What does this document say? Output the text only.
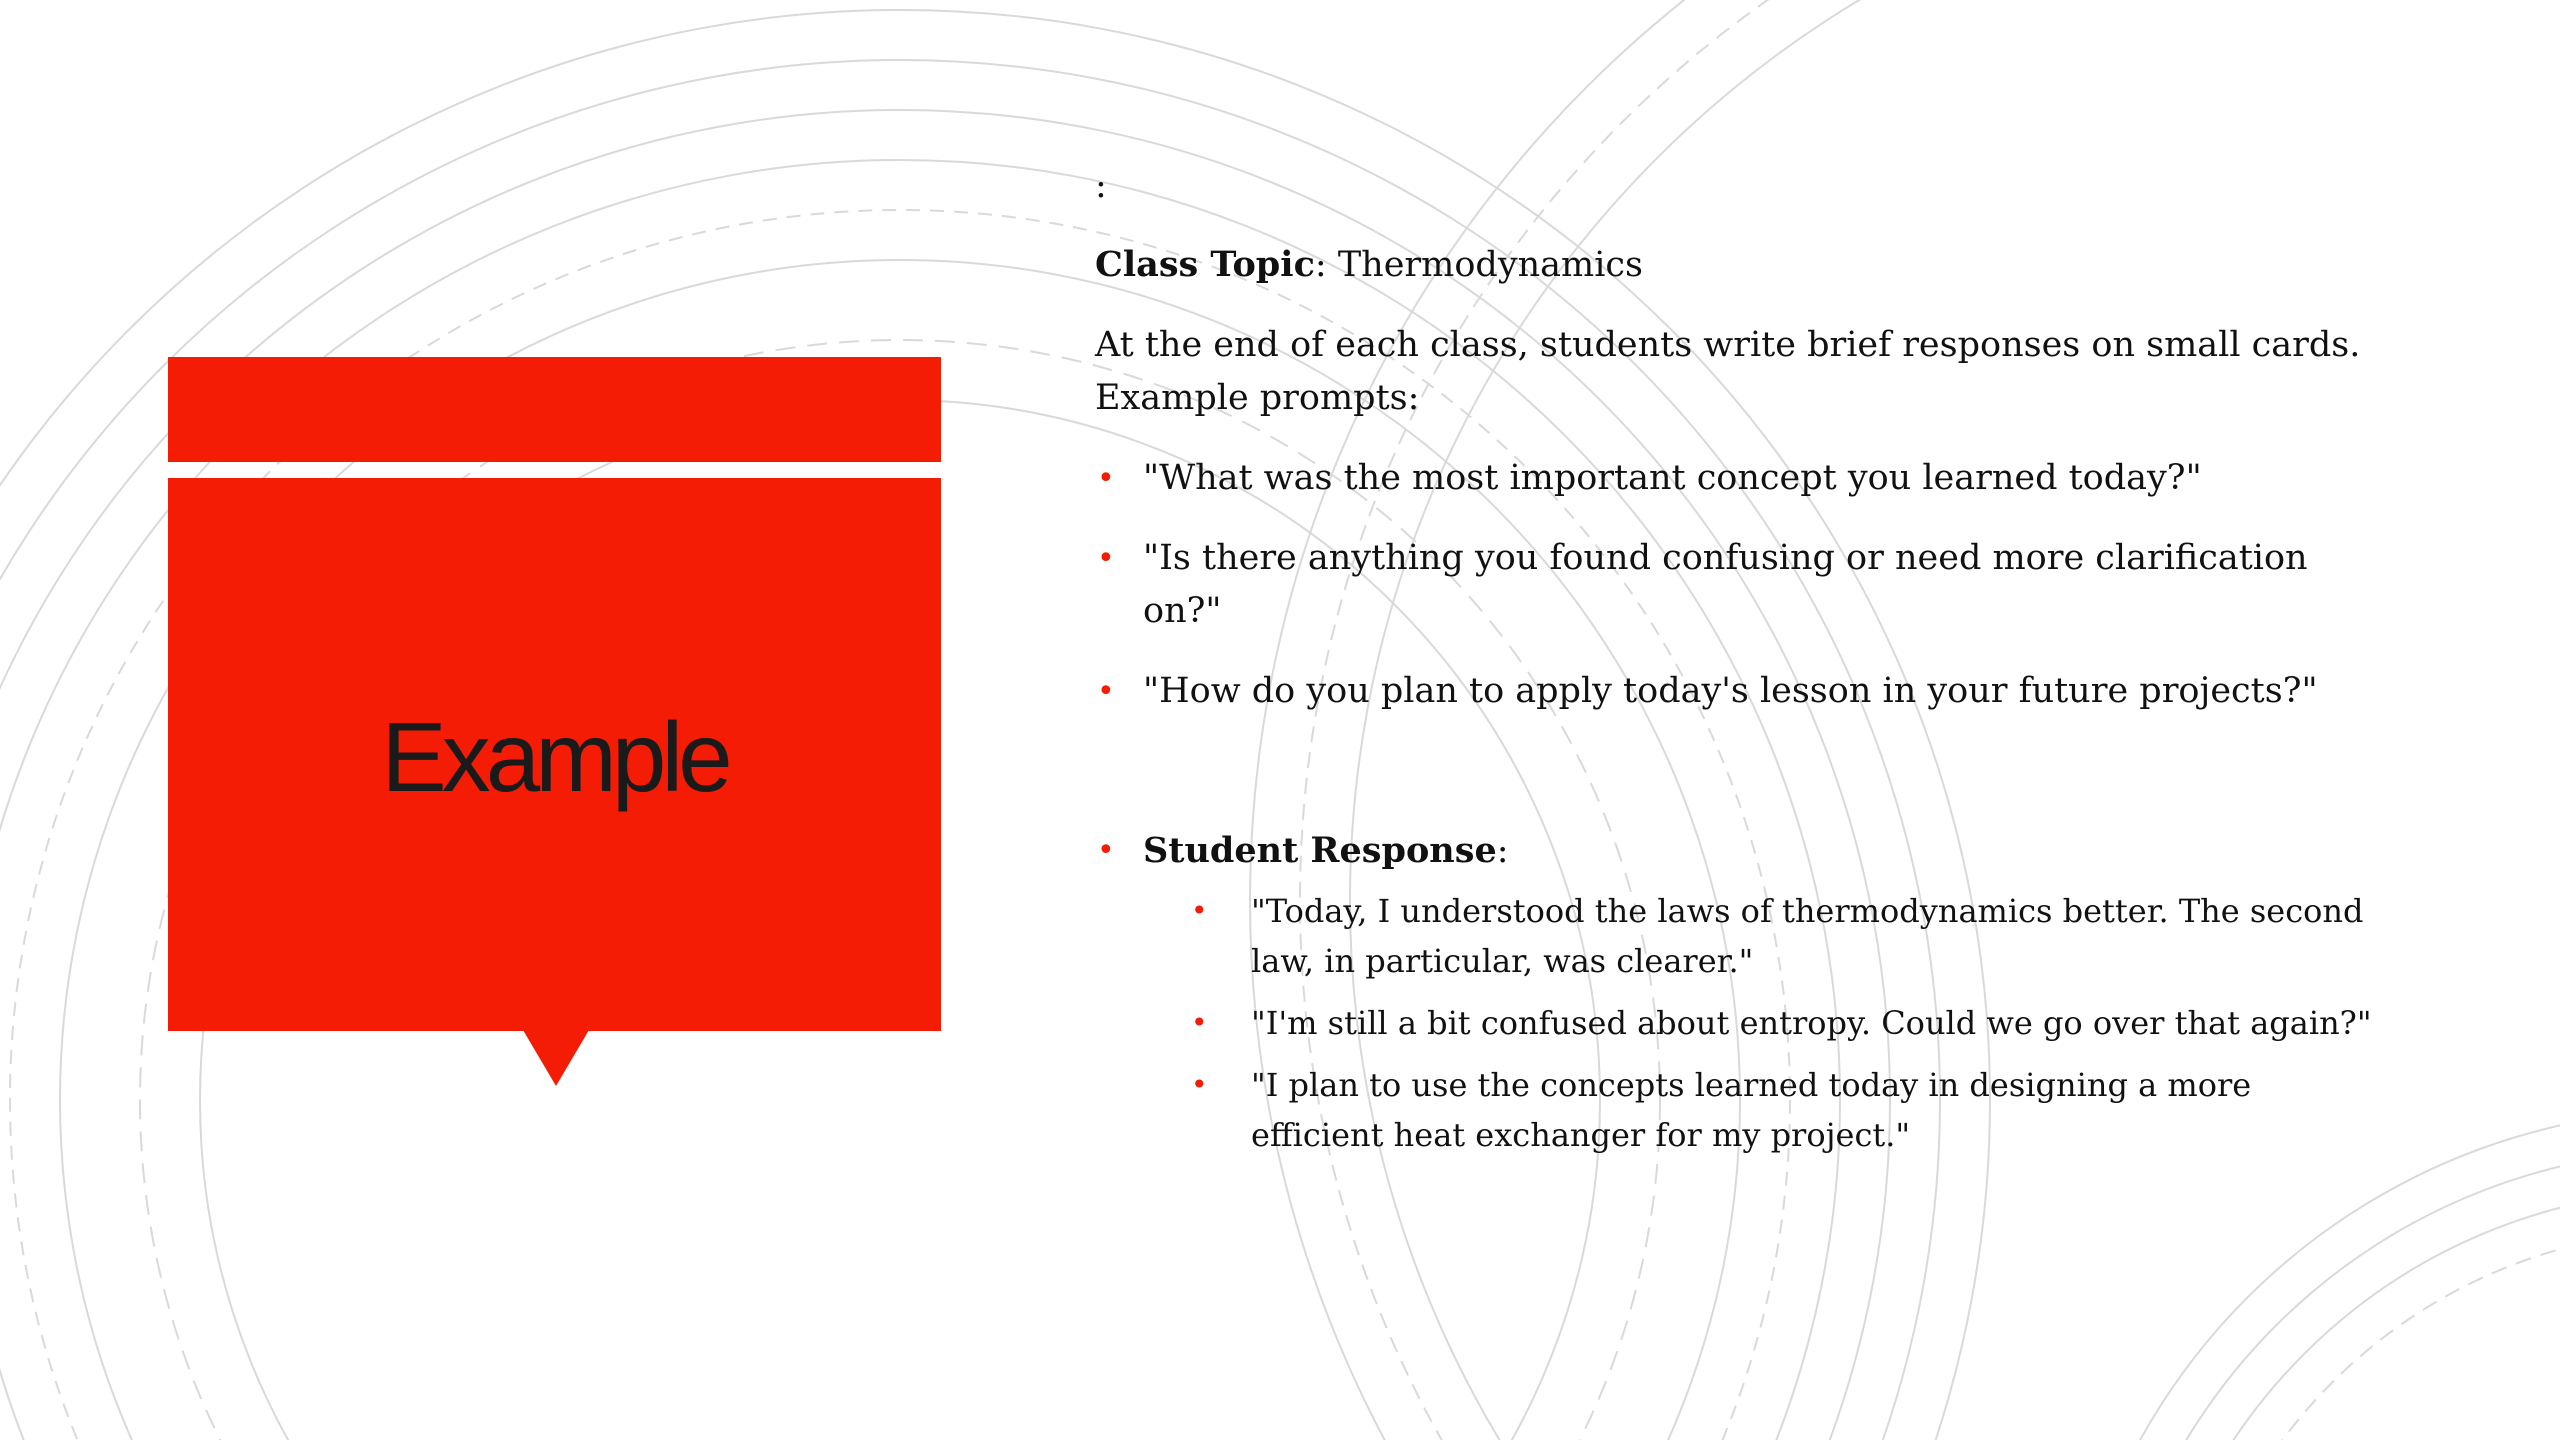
Example

:

Class Topic: Thermodynamics

At the end of each class, students write brief responses on small cards. Example prompts:

• "What was the most important concept you learned today?"
• "Is there anything you found confusing or need more clarification on?"
• "How do you plan to apply today's lesson in your future projects?"
• Student Response:
• "Today, I understood the laws of thermodynamics better. The second law, in particular, was clearer."
• "I'm still a bit confused about entropy. Could we go over that again?"
• "I plan to use the concepts learned today in designing a more efficient heat exchanger for my project."
